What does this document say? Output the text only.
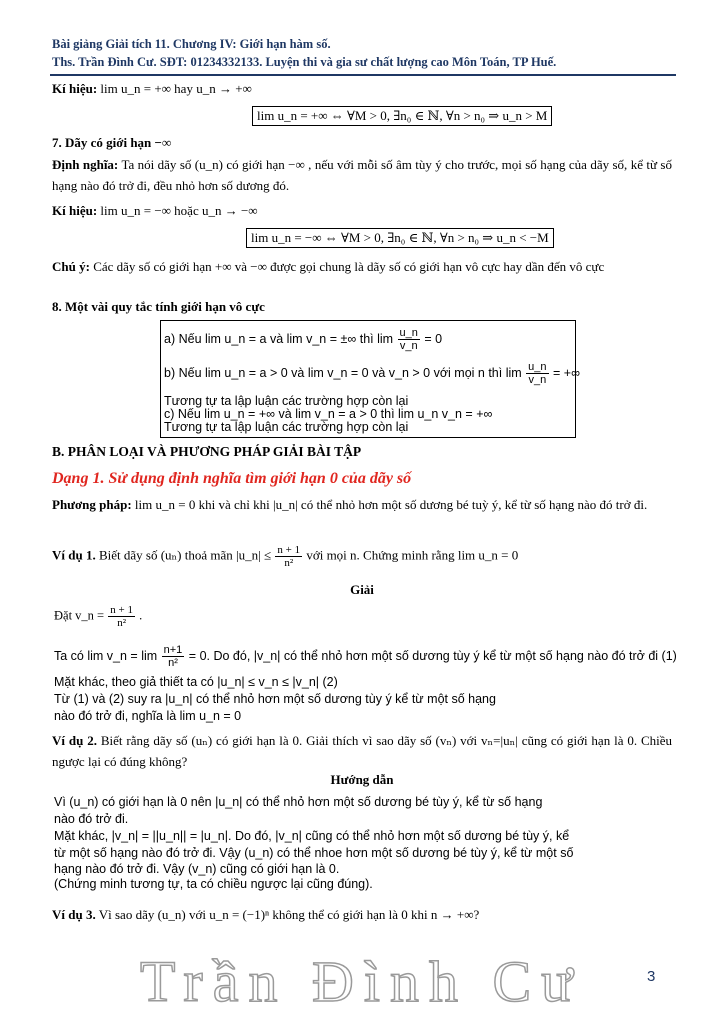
Bài giảng Giải tích 11. Chương IV: Giới hạn hàm số.
Ths. Trần Đình Cư. SĐT: 01234332133. Luyện thi và gia sư chất lượng cao Môn Toán, TP Huế.
Kí hiệu: lim u_n = +∞ hay u_n → +∞
lim u_n = +∞ ⇔ ∀M > 0, ∃n₀ ∈ ℕ, ∀n > n₀ ⇒ u_n > M
7. Dãy có giới hạn −∞
Định nghĩa: Ta nói dãy số (u_n) có giới hạn −∞ , nếu với mỗi số âm tùy ý cho trước, mọi số hạng của dãy số, kể từ số hạng nào đó trở đi, đều nhỏ hơn số dương đó.
Kí hiệu: lim u_n = −∞ hoặc u_n → −∞
lim u_n = −∞ ⇔ ∀M > 0, ∃n₀ ∈ ℕ, ∀n > n₀ ⇒ u_n < −M
Chú ý: Các dãy số có giới hạn +∞ và −∞ được gọi chung là dãy số có giới hạn vô cực hay dần đến vô cực
8. Một vài quy tắc tính giới hạn vô cực
a) Nếu lim u_n = a và lim v_n = ±∞ thì $\lim \frac{u\_n}{v\_n} = 0$
b) Nếu lim u_n = a > 0 và lim v_n = 0 và v_n > 0 với mọi n thì $\lim \frac{u\_n}{v\_n}$ = +∞
Tương tự ta lập luận các trường hợp còn lại
c) Nếu lim u_n = +∞ và lim v_n = a > 0 thì lim u_n v_n = +∞
Tương tự ta lập luận các trường hợp còn lại
B. PHÂN LOẠI VÀ PHƯƠNG PHÁP GIẢI BÀI TẬP
Dạng 1. Sử dụng định nghĩa tìm giới hạn 0 của dãy số
Phương pháp: lim u_n = 0 khi và chỉ khi |u_n| có thể nhỏ hơn một số dương bé tuỳ ý, kể từ số hạng nào đó trở đi.
Ví dụ 1. Biết dãy số (uₙ) thoả mãn |u_n| ≤ $\frac{n + 1}{\text{n²}}$ với mọi n. Chứng minh rằng lim u_n = 0
Giải
Đặt v_n = $\frac{n + 1}{\text{n²}}$ .
Ta có lim v_n = $\lim \frac{n+1}{\text{n²}} = 0$. Do đó, |v_n| có thể nhỏ hơn một số dương tùy ý kể từ một số hạng nào đó trở đi (1)
Mặt khác, theo giả thiết ta có |u_n| ≤ v_n ≤ |v_n| (2)
Từ (1) và (2) suy ra |u_n| có thể nhỏ hơn một số dương tùy ý kể từ một số hạng
nào đó trở đi, nghĩa là lim u_n = 0
Ví dụ 2. Biết rằng dãy số (uₙ) có giới hạn là 0. Giải thích vì sao dãy số (vₙ) với vₙ=|uₙ| cũng có giới hạn là 0. Chiều ngược lại có đúng không?
Hướng dẫn
Vì (u_n) có giới hạn là 0 nên |u_n| có thể nhỏ hơn một số dương bé tùy ý, kể từ số hạng
nào đó trở đi.
Mặt khác, |v_n| = ||u_n|| = |u_n|. Do đó, |v_n| cũng có thể nhỏ hơn một số dương bé tùy ý, kể
từ một số hạng nào đó trở đi. Vậy (u_n) có thể nhoe hơn một số dương bé tùy ý, kể từ một số
hạng nào đó trở đi. Vậy (v_n) cũng có giới hạn là 0.
(Chứng minh tương tự, ta có chiều ngược lại cũng đúng).
Ví dụ 3. Vì sao dãy (u_n) với u_n = (−1)ⁿ không thể có giới hạn là 0 khi n → +∞?
Trần Đình Cư	3
